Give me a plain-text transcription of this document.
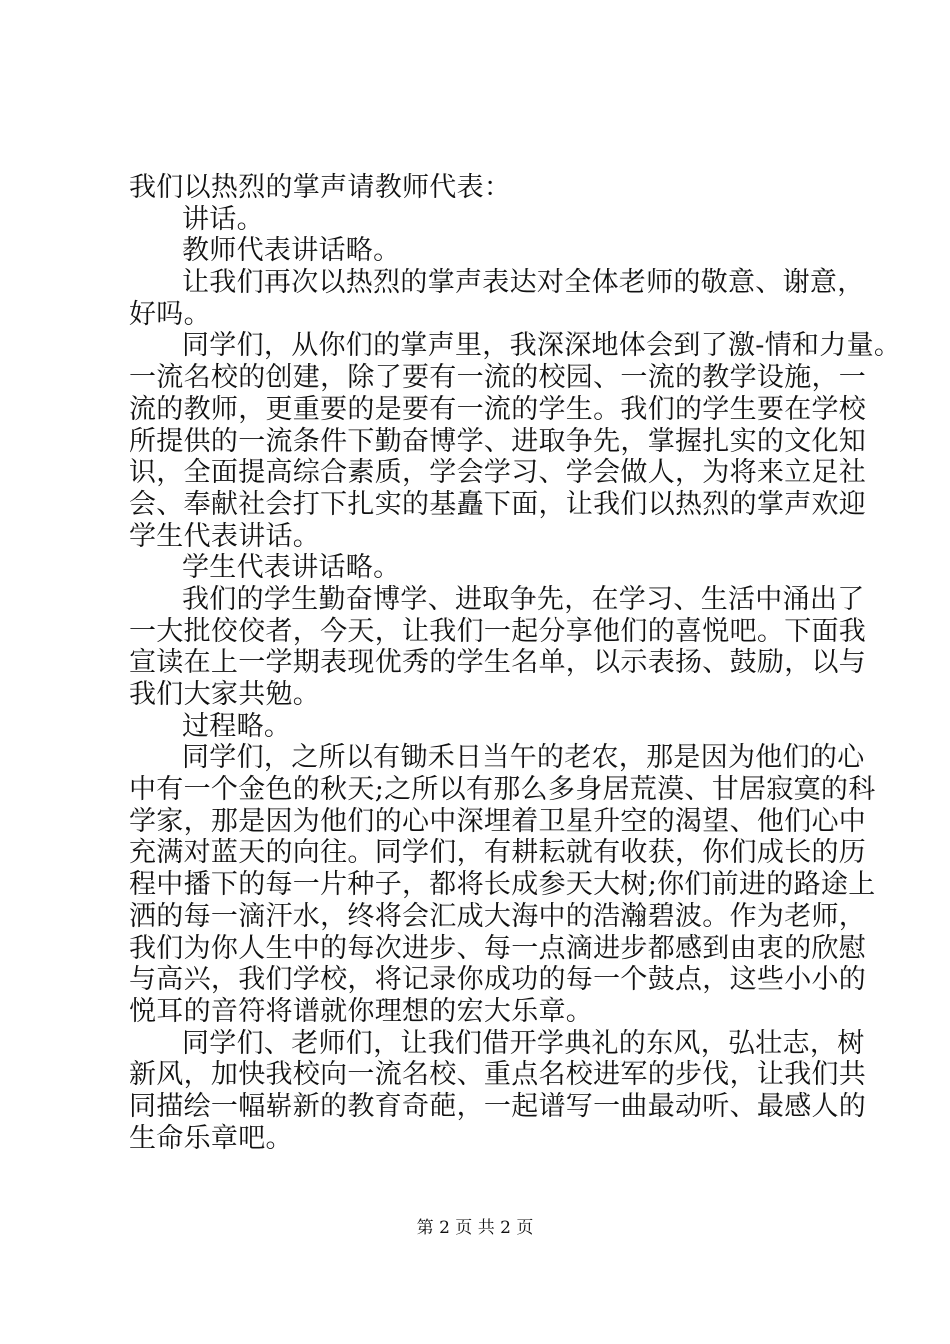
我们以热烈的掌声请教师代表：
讲话。
教师代表讲话略。
让我们再次以热烈的掌声表达对全体老师的敬意、谢意，
好吗。
同学们，从你们的掌声里，我深深地体会到了激-情和力量。
一流名校的创建，除了要有一流的校园、一流的教学设施，一
流的教师，更重要的是要有一流的学生。我们的学生要在学校
所提供的一流条件下勤奋博学、进取争先，掌握扎实的文化知
识，全面提高综合素质，学会学习、学会做人，为将来立足社
会、奉献社会打下扎实的基矗下面，让我们以热烈的掌声欢迎
学生代表讲话。
学生代表讲话略。
我们的学生勤奋博学、进取争先，在学习、生活中涌出了
一大批佼佼者，今天，让我们一起分享他们的喜悦吧。下面我
宣读在上一学期表现优秀的学生名单，以示表扬、鼓励，以与
我们大家共勉。
过程略。
同学们，之所以有锄禾日当午的老农，那是因为他们的心
中有一个金色的秋天;之所以有那么多身居荒漠、甘居寂寞的科
学家，那是因为他们的心中深埋着卫星升空的渴望、他们心中
充满对蓝天的向往。同学们，有耕耘就有收获，你们成长的历
程中播下的每一片种子，都将长成参天大树;你们前进的路途上
洒的每一滴汗水，终将会汇成大海中的浩瀚碧波。作为老师，
我们为你人生中的每次进步、每一点滴进步都感到由衷的欣慰
与高兴，我们学校，将记录你成功的每一个鼓点，这些小小的
悦耳的音符将谱就你理想的宏大乐章。
同学们、老师们，让我们借开学典礼的东风，弘壮志，树
新风，加快我校向一流名校、重点名校进军的步伐，让我们共
同描绘一幅崭新的教育奇葩，一起谱写一曲最动听、最感人的
生命乐章吧。
第 2 页 共 2 页
